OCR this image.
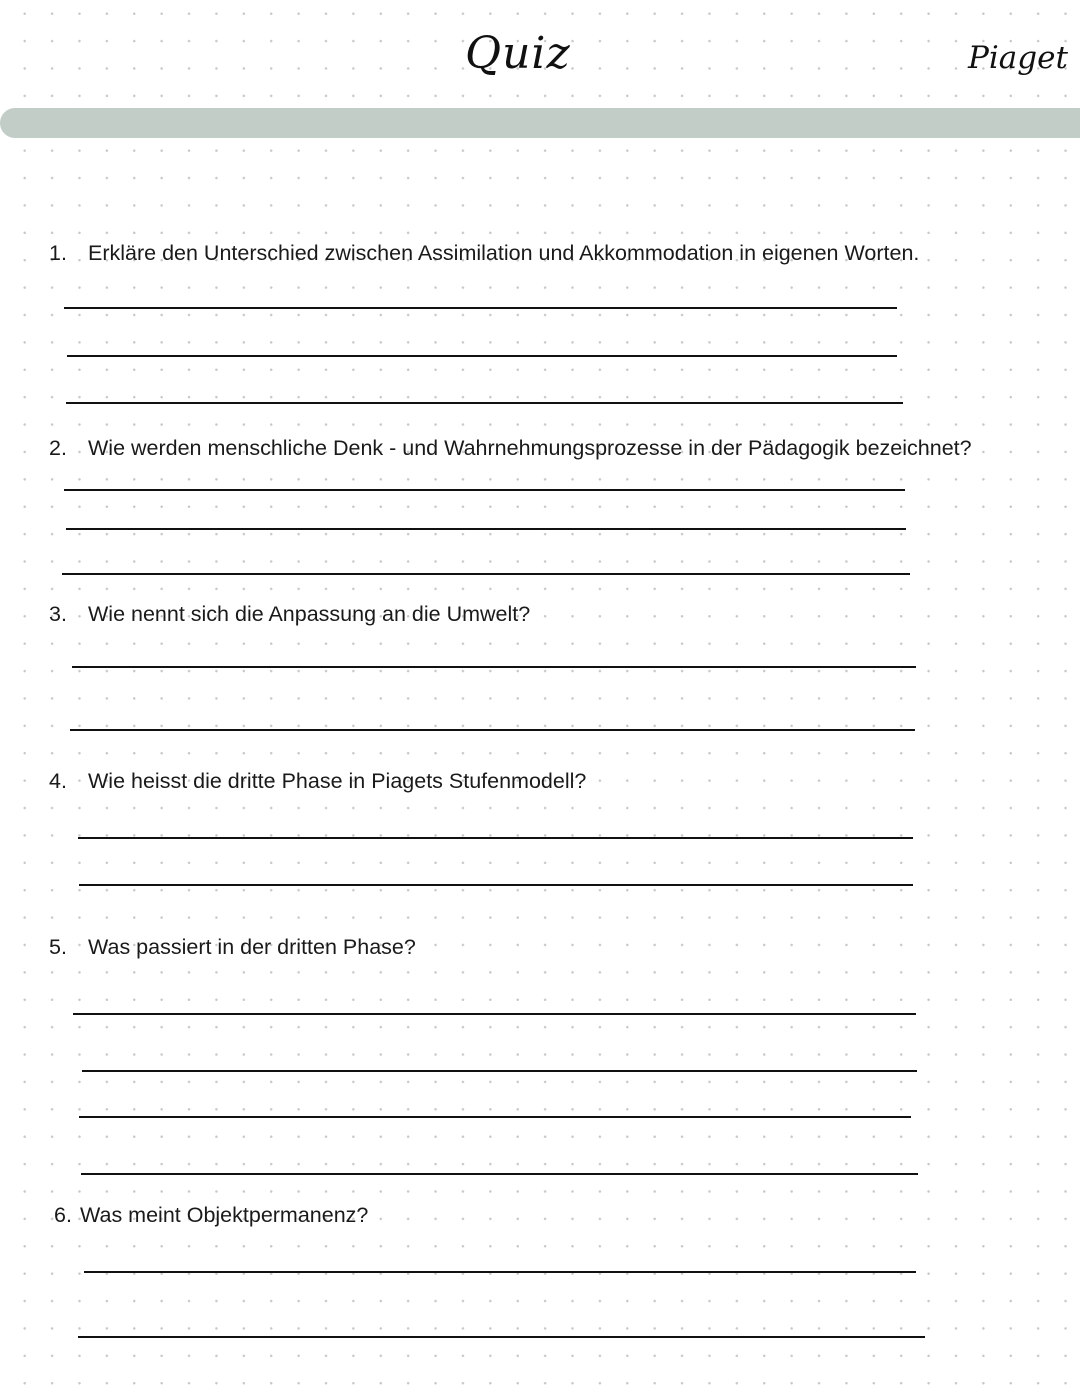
Quiz	Piaget
1. Erkläre den Unterschied zwischen Assimilation und Akkommodation in eigenen Worten.
2. Wie werden menschliche Denk - und Wahrnehmungsprozesse in der Pädagogik bezeichnet?
3. Wie nennt sich die Anpassung an die Umwelt?
4. Wie heisst die dritte Phase in Piagets Stufenmodell?
5. Was passiert in der dritten Phase?
6. Was meint Objektpermanenz?
